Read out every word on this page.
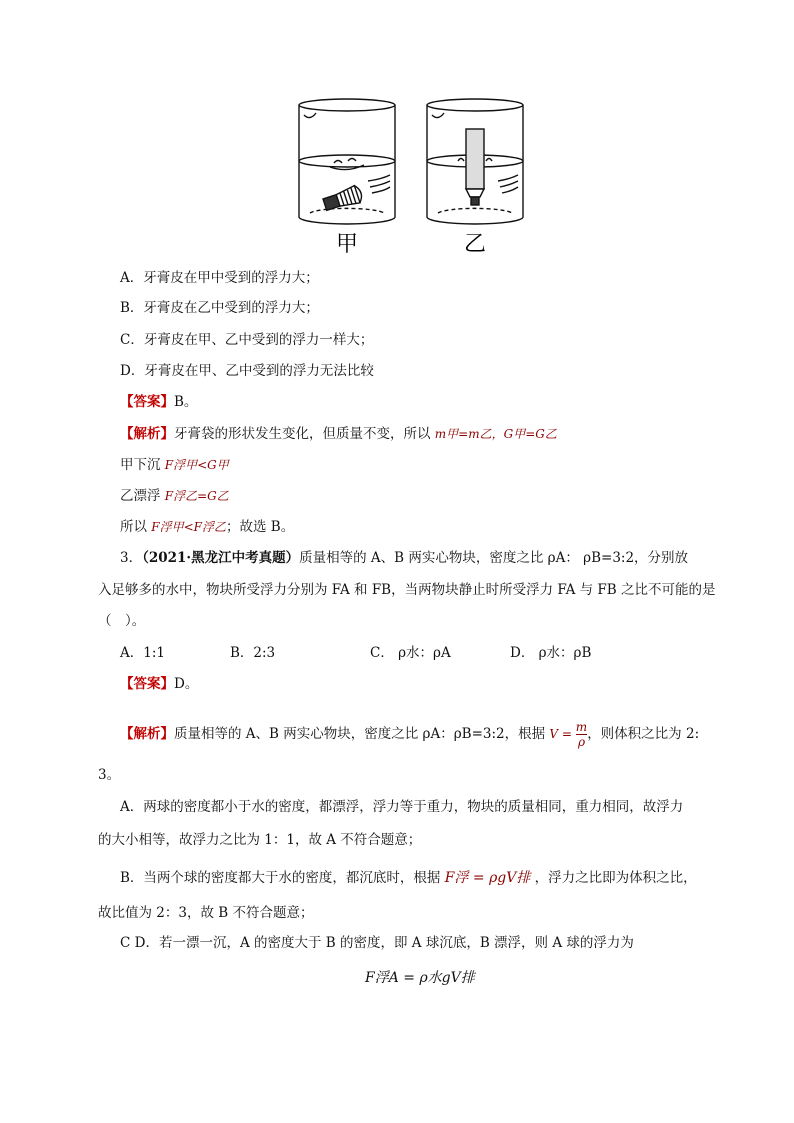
甲	乙
A．牙膏皮在甲中受到的浮力大；
B．牙膏皮在乙中受到的浮力大；
C．牙膏皮在甲、乙中受到的浮力一样大；
D．牙膏皮在甲、乙中受到的浮力无法比较
【答案】B。
【解析】牙膏袋的形状发生变化，但质量不变，所以 m甲=m乙，G甲=G乙
甲下沉 F浮甲<G甲
乙漂浮 F浮乙=G乙
所以 F浮甲<F浮乙；故选 B。
3．（2021·黑龙江中考真题）质量相等的 A、B 两实心物块，密度之比 ρA： ρB=3:2，分别放
入足够多的水中，物块所受浮力分别为 FA 和 FB，当两物块静止时所受浮力 FA 与 FB 之比不可能的是
（　）。
A．1:1	B．2:3	C． ρ水：ρA	D． ρ水：ρB
【答案】D。
【解析】质量相等的 A、B 两实心物块，密度之比 ρA：ρB=3:2，根据 $V = \frac{m}{\rho}$ ，则体积之比为 2:
3。
A．两球的密度都小于水的密度，都漂浮，浮力等于重力，物块的质量相同，重力相同，故浮力
的大小相等，故浮力之比为 1：1，故 A 不符合题意；
B．当两个球的密度都大于水的密度，都沉底时，根据 F浮 = ρgV排 ，浮力之比即为体积之比，
故比值为 2：3，故 B 不符合题意；
C D．若一漂一沉，A 的密度大于 B 的密度，即 A 球沉底，B 漂浮，则 A 球的浮力为
F浮A = ρ水gV排
